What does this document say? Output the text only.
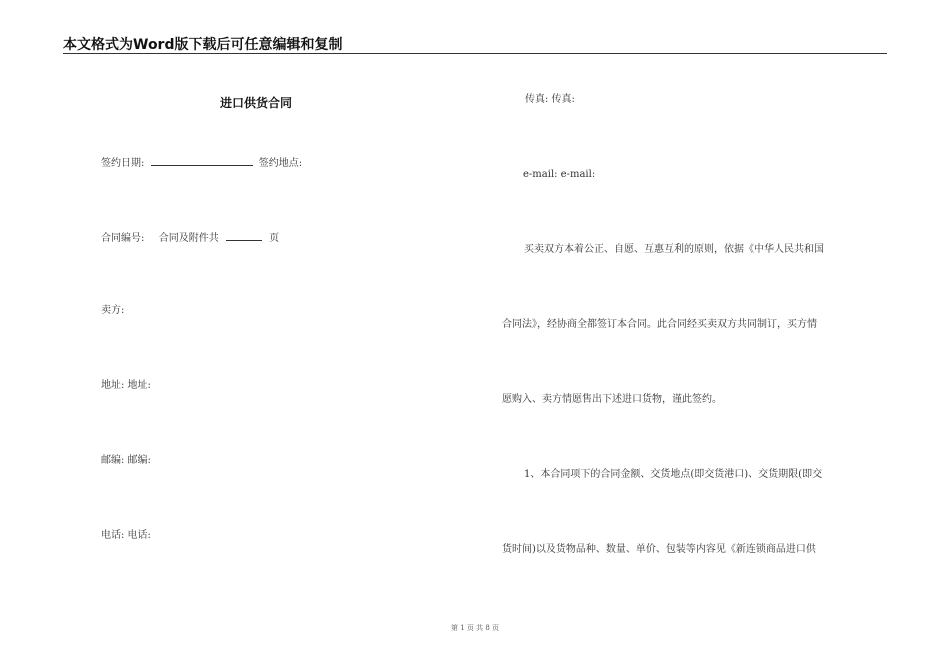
本文格式为Word版下载后可任意编辑和复制
进口供货合同
签约日期:	签约地点:
合同编号: 合同及附件共	页
卖方:
地址: 地址:
邮编: 邮编:
电话: 电话:
传真: 传真:
e-mail: e-mail:
买卖双方本着公正、自愿、互惠互利的原则，依据《中华人民共和国
合同法》，经协商全都签订本合同。此合同经买卖双方共同制订，买方情
愿购入、卖方情愿售出下述进口货物，谨此签约。
1、本合同项下的合同金额、交货地点(即交货港口)、交货期限(即交
货时间)以及货物品种、数量、单价、包装等内容见《新连锁商品进口供
第 1 页 共 8 页
